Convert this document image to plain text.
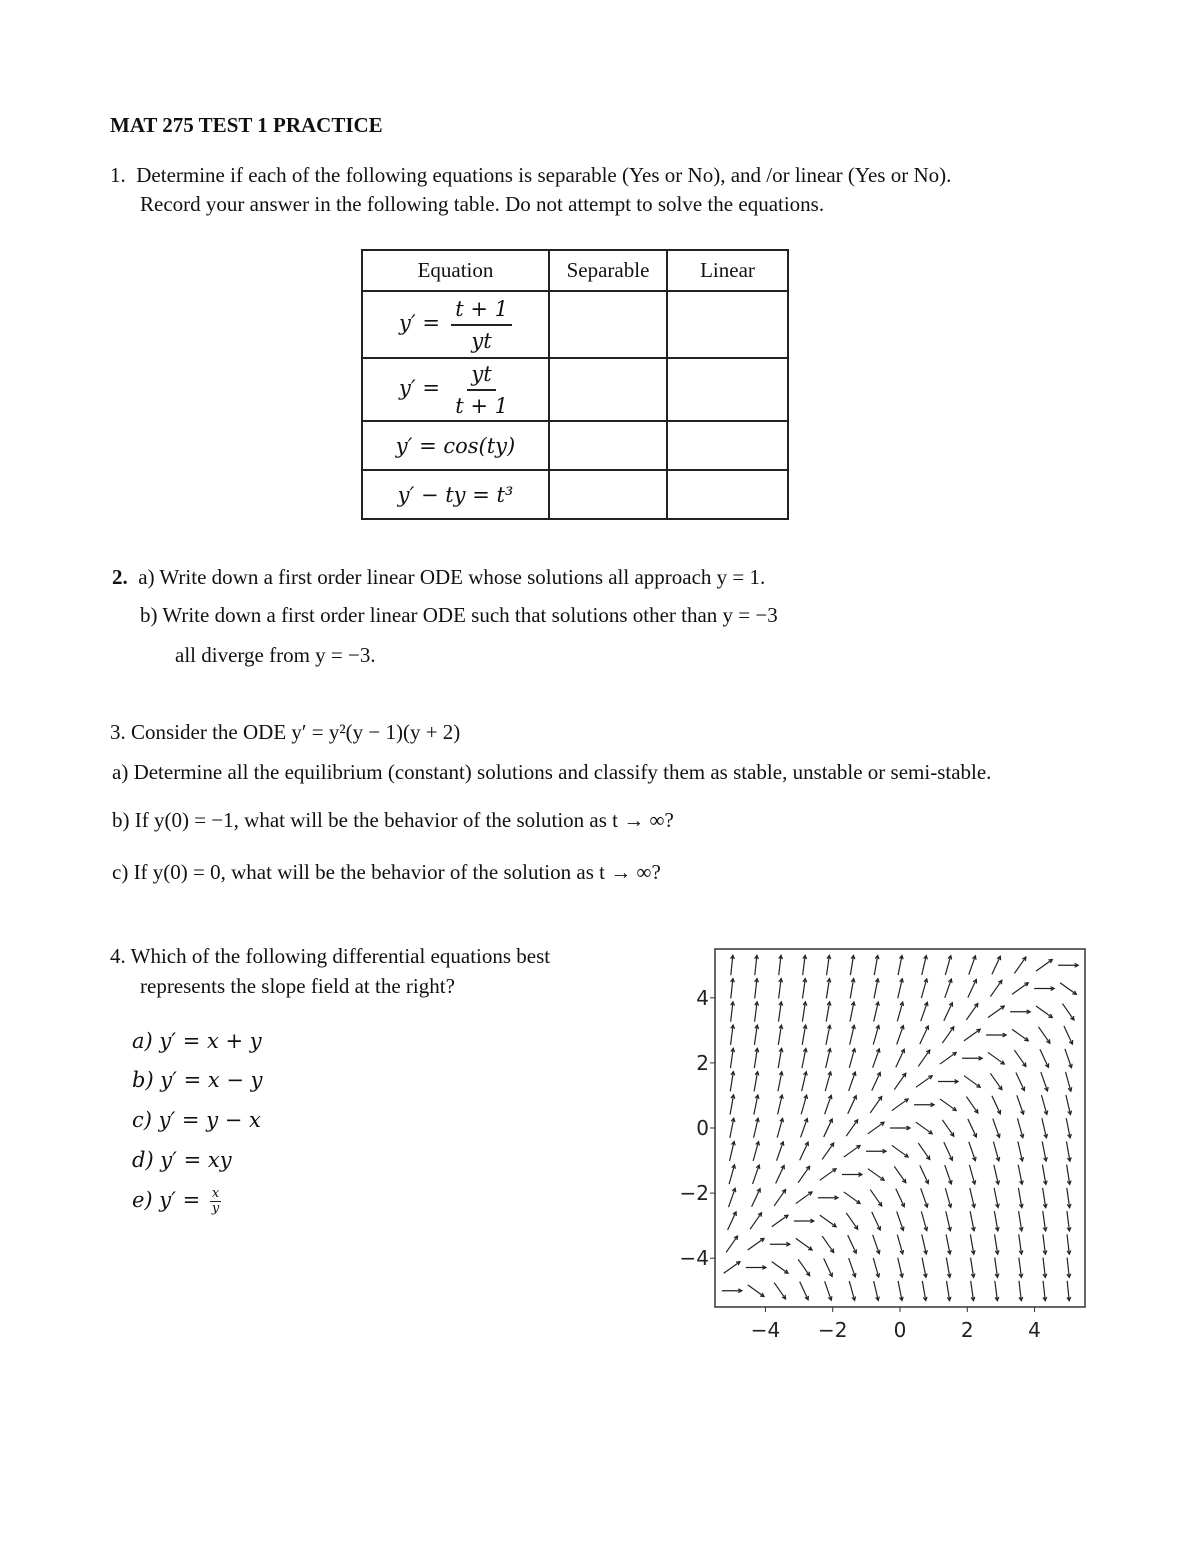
MAT 275 TEST 1 PRACTICE
1. Determine if each of the following equations is separable (Yes or No), and /or linear (Yes or No).
Record your answer in the following table. Do not attempt to solve the equations.
Equation	Separable	Linear
$y' = \frac{t + 1}{yt}$

$y' = \frac{yt}{t + 1}$

y′ = cos(ty)		
y′ − ty = t³		
2. a) Write down a first order linear ODE whose solutions all approach y = 1.
b) Write down a first order linear ODE such that solutions other than y = −3
all diverge from y = −3.
3. Consider the ODE y′ = y²(y − 1)(y + 2)
a) Determine all the equilibrium (constant) solutions and classify them as stable, unstable or semi-stable.
b) If y(0) = −1, what will be the behavior of the solution as t → ∞?
c) If y(0) = 0, what will be the behavior of the solution as t → ∞?
4. Which of the following differential equations best
represents the slope field at the right?
a) y′ = x + y
b) y′ = x − y
c) y′ = y − x
d) y′ = xy
e) $y' = \frac{x}{y}$
−4 −2 0	2	4
4
2
0
−2
−4
